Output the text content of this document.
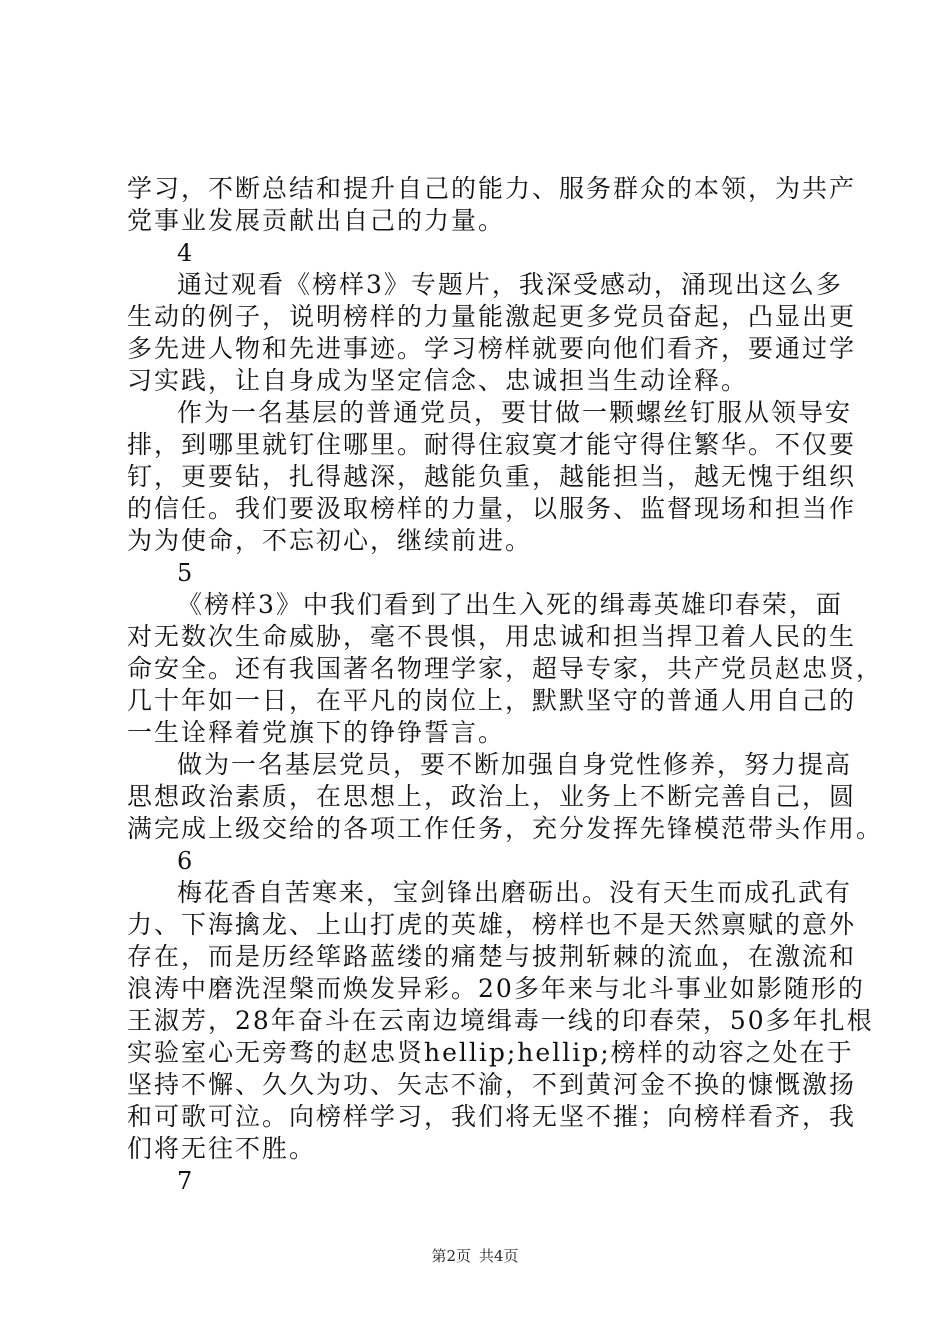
学习，不断总结和提升自己的能力、服务群众的本领，为共产
党事业发展贡献出自己的力量。
4
通过观看《榜样3》专题片，我深受感动，涌现出这么多
生动的例子，说明榜样的力量能激起更多党员奋起，凸显出更
多先进人物和先进事迹。学习榜样就要向他们看齐，要通过学
习实践，让自身成为坚定信念、忠诚担当生动诠释。
作为一名基层的普通党员，要甘做一颗螺丝钉服从领导安
排，到哪里就钉住哪里。耐得住寂寞才能守得住繁华。不仅要
钉，更要钻，扎得越深，越能负重，越能担当，越无愧于组织
的信任。我们要汲取榜样的力量，以服务、监督现场和担当作
为为使命，不忘初心，继续前进。
5
《榜样3》中我们看到了出生入死的缉毒英雄印春荣，面
对无数次生命威胁，毫不畏惧，用忠诚和担当捍卫着人民的生
命安全。还有我国著名物理学家，超导专家，共产党员赵忠贤，
几十年如一日，在平凡的岗位上，默默坚守的普通人用自己的
一生诠释着党旗下的铮铮誓言。
做为一名基层党员，要不断加强自身党性修养，努力提高
思想政治素质，在思想上，政治上，业务上不断完善自己，圆
满完成上级交给的各项工作任务，充分发挥先锋模范带头作用。
6
梅花香自苦寒来，宝剑锋出磨砺出。没有天生而成孔武有
力、下海擒龙、上山打虎的英雄，榜样也不是天然禀赋的意外
存在，而是历经筚路蓝缕的痛楚与披荆斩棘的流血，在激流和
浪涛中磨洗涅槃而焕发异彩。20多年来与北斗事业如影随形的
王淑芳，28年奋斗在云南边境缉毒一线的印春荣，50多年扎根
实验室心无旁骛的赵忠贤hellip;hellip;榜样的动容之处在于
坚持不懈、久久为功、矢志不渝，不到黄河金不换的慷慨激扬
和可歌可泣。向榜样学习，我们将无坚不摧；向榜样看齐，我
们将无往不胜。
7
第2页 共4页
